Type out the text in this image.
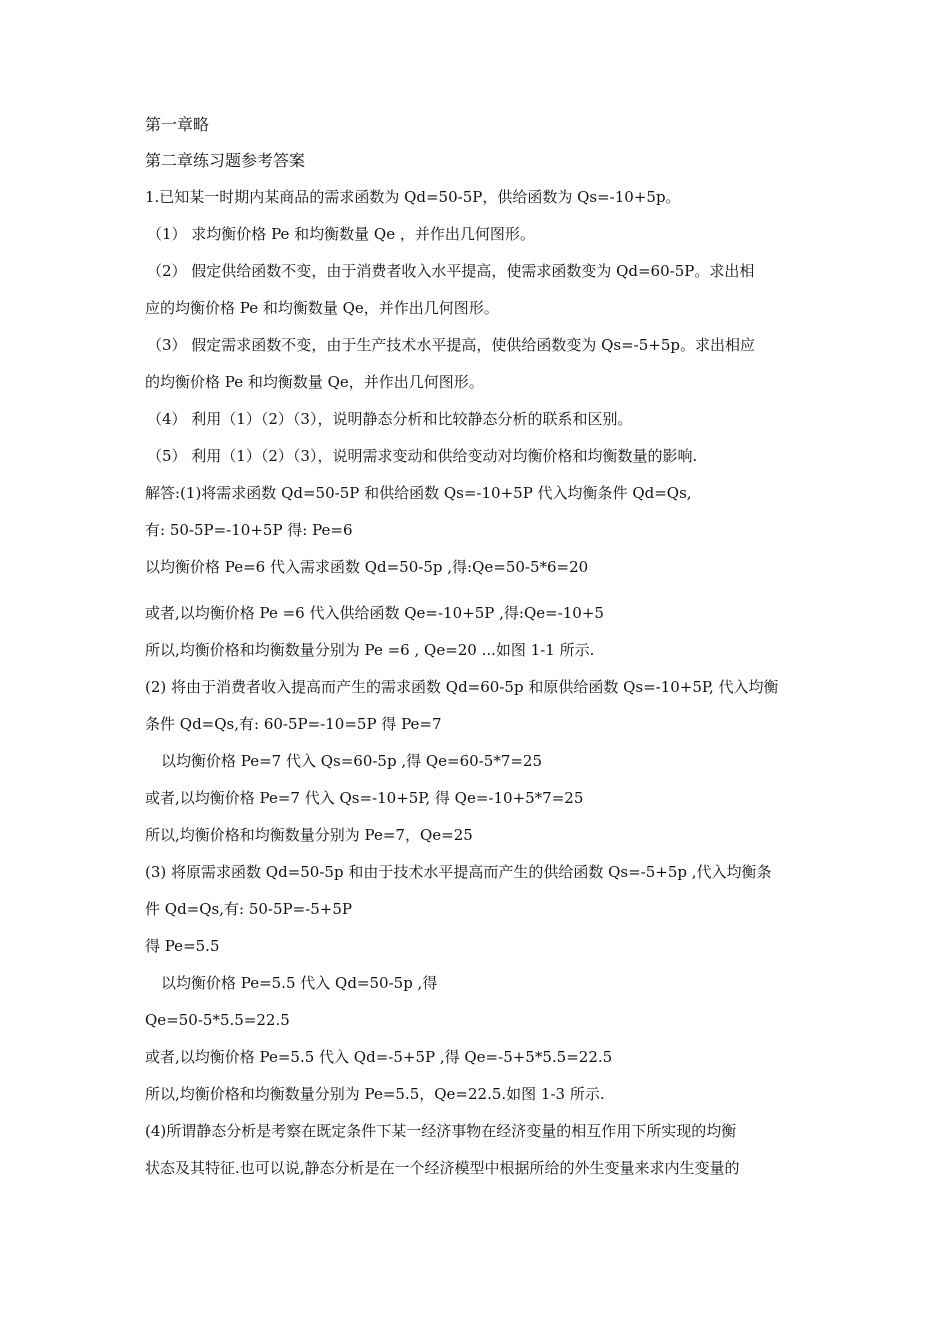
第一章略
第二章练习题参考答案
1.已知某一时期内某商品的需求函数为 Qd=50-5P，供给函数为 Qs=-10+5p。
（1） 求均衡价格 Pe 和均衡数量 Qe ，并作出几何图形。
（2） 假定供给函数不变，由于消费者收入水平提高，使需求函数变为 Qd=60-5P。求出相
应的均衡价格 Pe 和均衡数量 Qe，并作出几何图形。
（3） 假定需求函数不变，由于生产技术水平提高，使供给函数变为 Qs=-5+5p。求出相应
的均衡价格 Pe 和均衡数量 Qe，并作出几何图形。
（4） 利用（1）（2）（3），说明静态分析和比较静态分析的联系和区别。
（5） 利用（1）（2）（3），说明需求变动和供给变动对均衡价格和均衡数量的影响.
解答:(1)将需求函数 Qd=50-5P 和供给函数 Qs=-10+5P 代入均衡条件 Qd=Qs,
有: 50-5P=-10+5P 得: Pe=6
以均衡价格 Pe=6 代入需求函数 Qd=50-5p ,得:Qe=50-5*6=20
或者,以均衡价格 Pe =6 代入供给函数 Qe=-10+5P ,得:Qe=-10+5
所以,均衡价格和均衡数量分别为 Pe =6 , Qe=20 ...如图 1-1 所示.
(2) 将由于消费者收入提高而产生的需求函数 Qd=60-5p 和原供给函数 Qs=-10+5P, 代入均衡
条件 Qd=Qs,有: 60-5P=-10=5P 得 Pe=7
以均衡价格 Pe=7 代入 Qs=60-5p ,得 Qe=60-5*7=25
或者,以均衡价格 Pe=7 代入 Qs=-10+5P, 得 Qe=-10+5*7=25
所以,均衡价格和均衡数量分别为 Pe=7，Qe=25
(3) 将原需求函数 Qd=50-5p 和由于技术水平提高而产生的供给函数 Qs=-5+5p ,代入均衡条
件 Qd=Qs,有: 50-5P=-5+5P
得 Pe=5.5
以均衡价格 Pe=5.5 代入 Qd=50-5p ,得
Qe=50-5*5.5=22.5
或者,以均衡价格 Pe=5.5 代入 Qd=-5+5P ,得 Qe=-5+5*5.5=22.5
所以,均衡价格和均衡数量分别为 Pe=5.5，Qe=22.5.如图 1-3 所示.
(4)所谓静态分析是考察在既定条件下某一经济事物在经济变量的相互作用下所实现的均衡
状态及其特征.也可以说,静态分析是在一个经济模型中根据所给的外生变量来求内生变量的
